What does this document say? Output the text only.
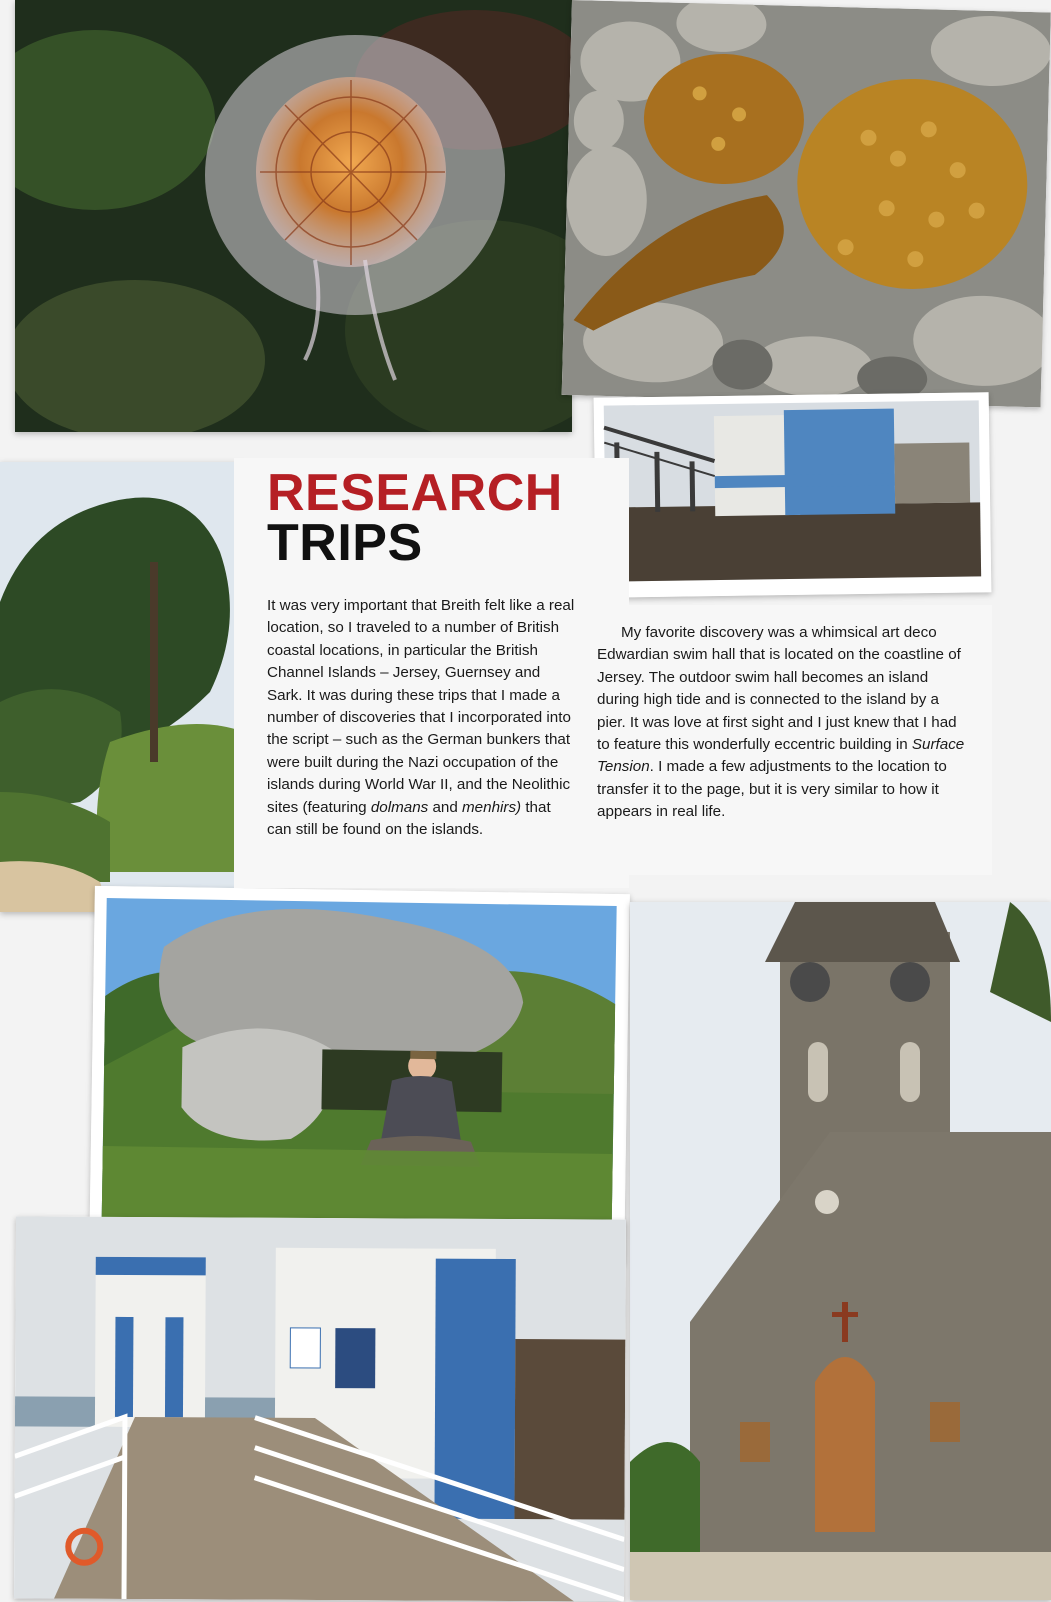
RESEARCH
TRIPS

It was very important that Breith felt like a real location, so I traveled to a number of British coastal locations, in particular the British Channel Islands – Jersey, Guernsey and Sark. It was during these trips that I made a number of discoveries that I incorporated into the script – such as the German bunkers that were built during the Nazi occupation of the islands during World War II, and the Neolithic sites (featuring dolmans and menhirs) that can still be found on the islands.

My favorite discovery was a whimsical art deco Edwardian swim hall that is located on the coastline of Jersey. The outdoor swim hall becomes an island during high tide and is connected to the island by a pier. It was love at first sight and I just knew that I had to feature this wonderfully eccentric building in Surface Tension. I made a few adjustments to the location to transfer it to the page, but it is very similar to how it appears in real life.
